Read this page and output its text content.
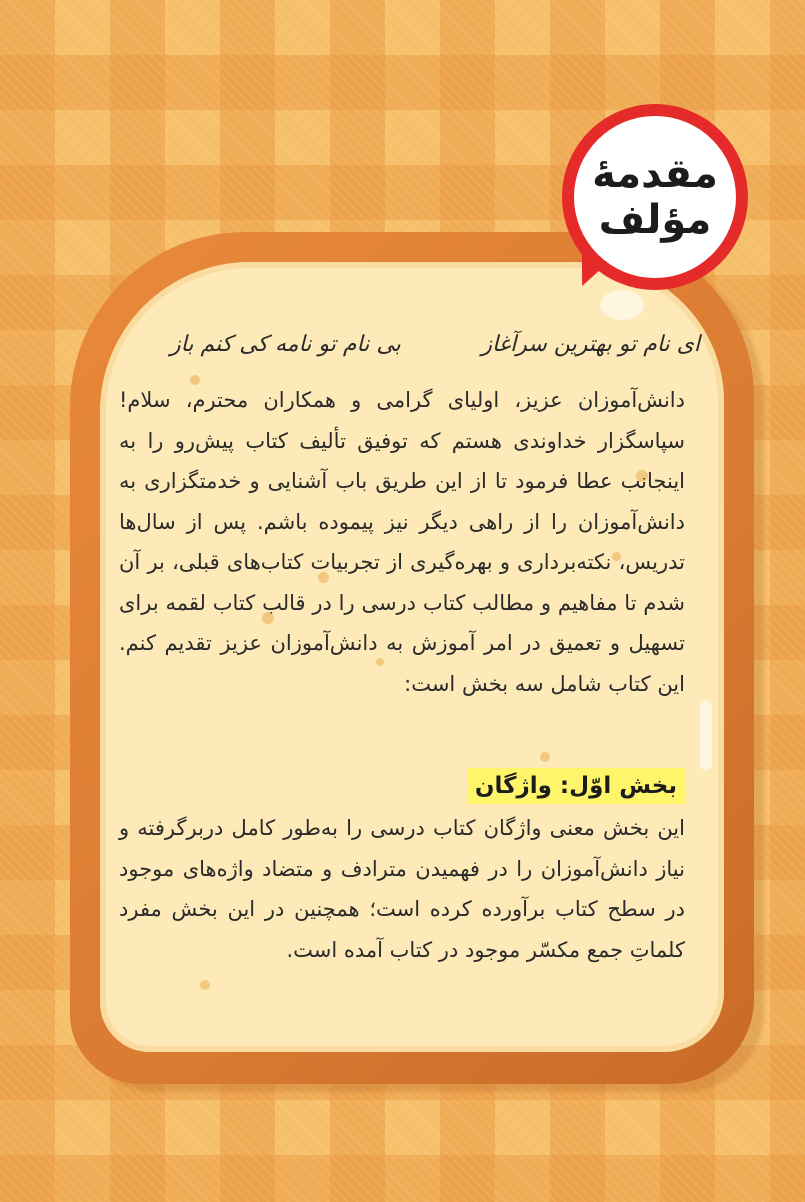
مقدمهٔ
مؤلف
ای نام تو بهترین سرآغاز
بی نام تو نامه کی کنم باز

دانش‌آموزان عزیز، اولیای گرامی و همکاران محترم، سلام! سپاسگزار خداوندی هستم که توفیق تألیف کتاب پیش‌رو را به اینجانب عطا فرمود تا از این طریق باب آشنایی و خدمتگزاری به دانش‌آموزان را از راهی دیگر نیز پیموده باشم. پس از سال‌ها تدریس، نکته‌برداری و بهره‌گیری از تجربیات کتاب‌های قبلی، بر آن شدم تا مفاهیم و مطالب کتاب درسی را در قالب کتاب لقمه برای تسهیل و تعمیق در امر آموزش به دانش‌آموزان عزیز تقدیم کنم. این کتاب شامل سه بخش است:

بخش اوّل: واژگان

این بخش معنی واژگان کتاب درسی را به‌طور کامل دربرگرفته و نیاز دانش‌آموزان را در فهمیدن مترادف و متضاد واژه‌های موجود در سطح کتاب برآورده کرده است؛ همچنین در این بخش مفرد کلماتِ جمع مکسّر موجود در کتاب آمده است.
